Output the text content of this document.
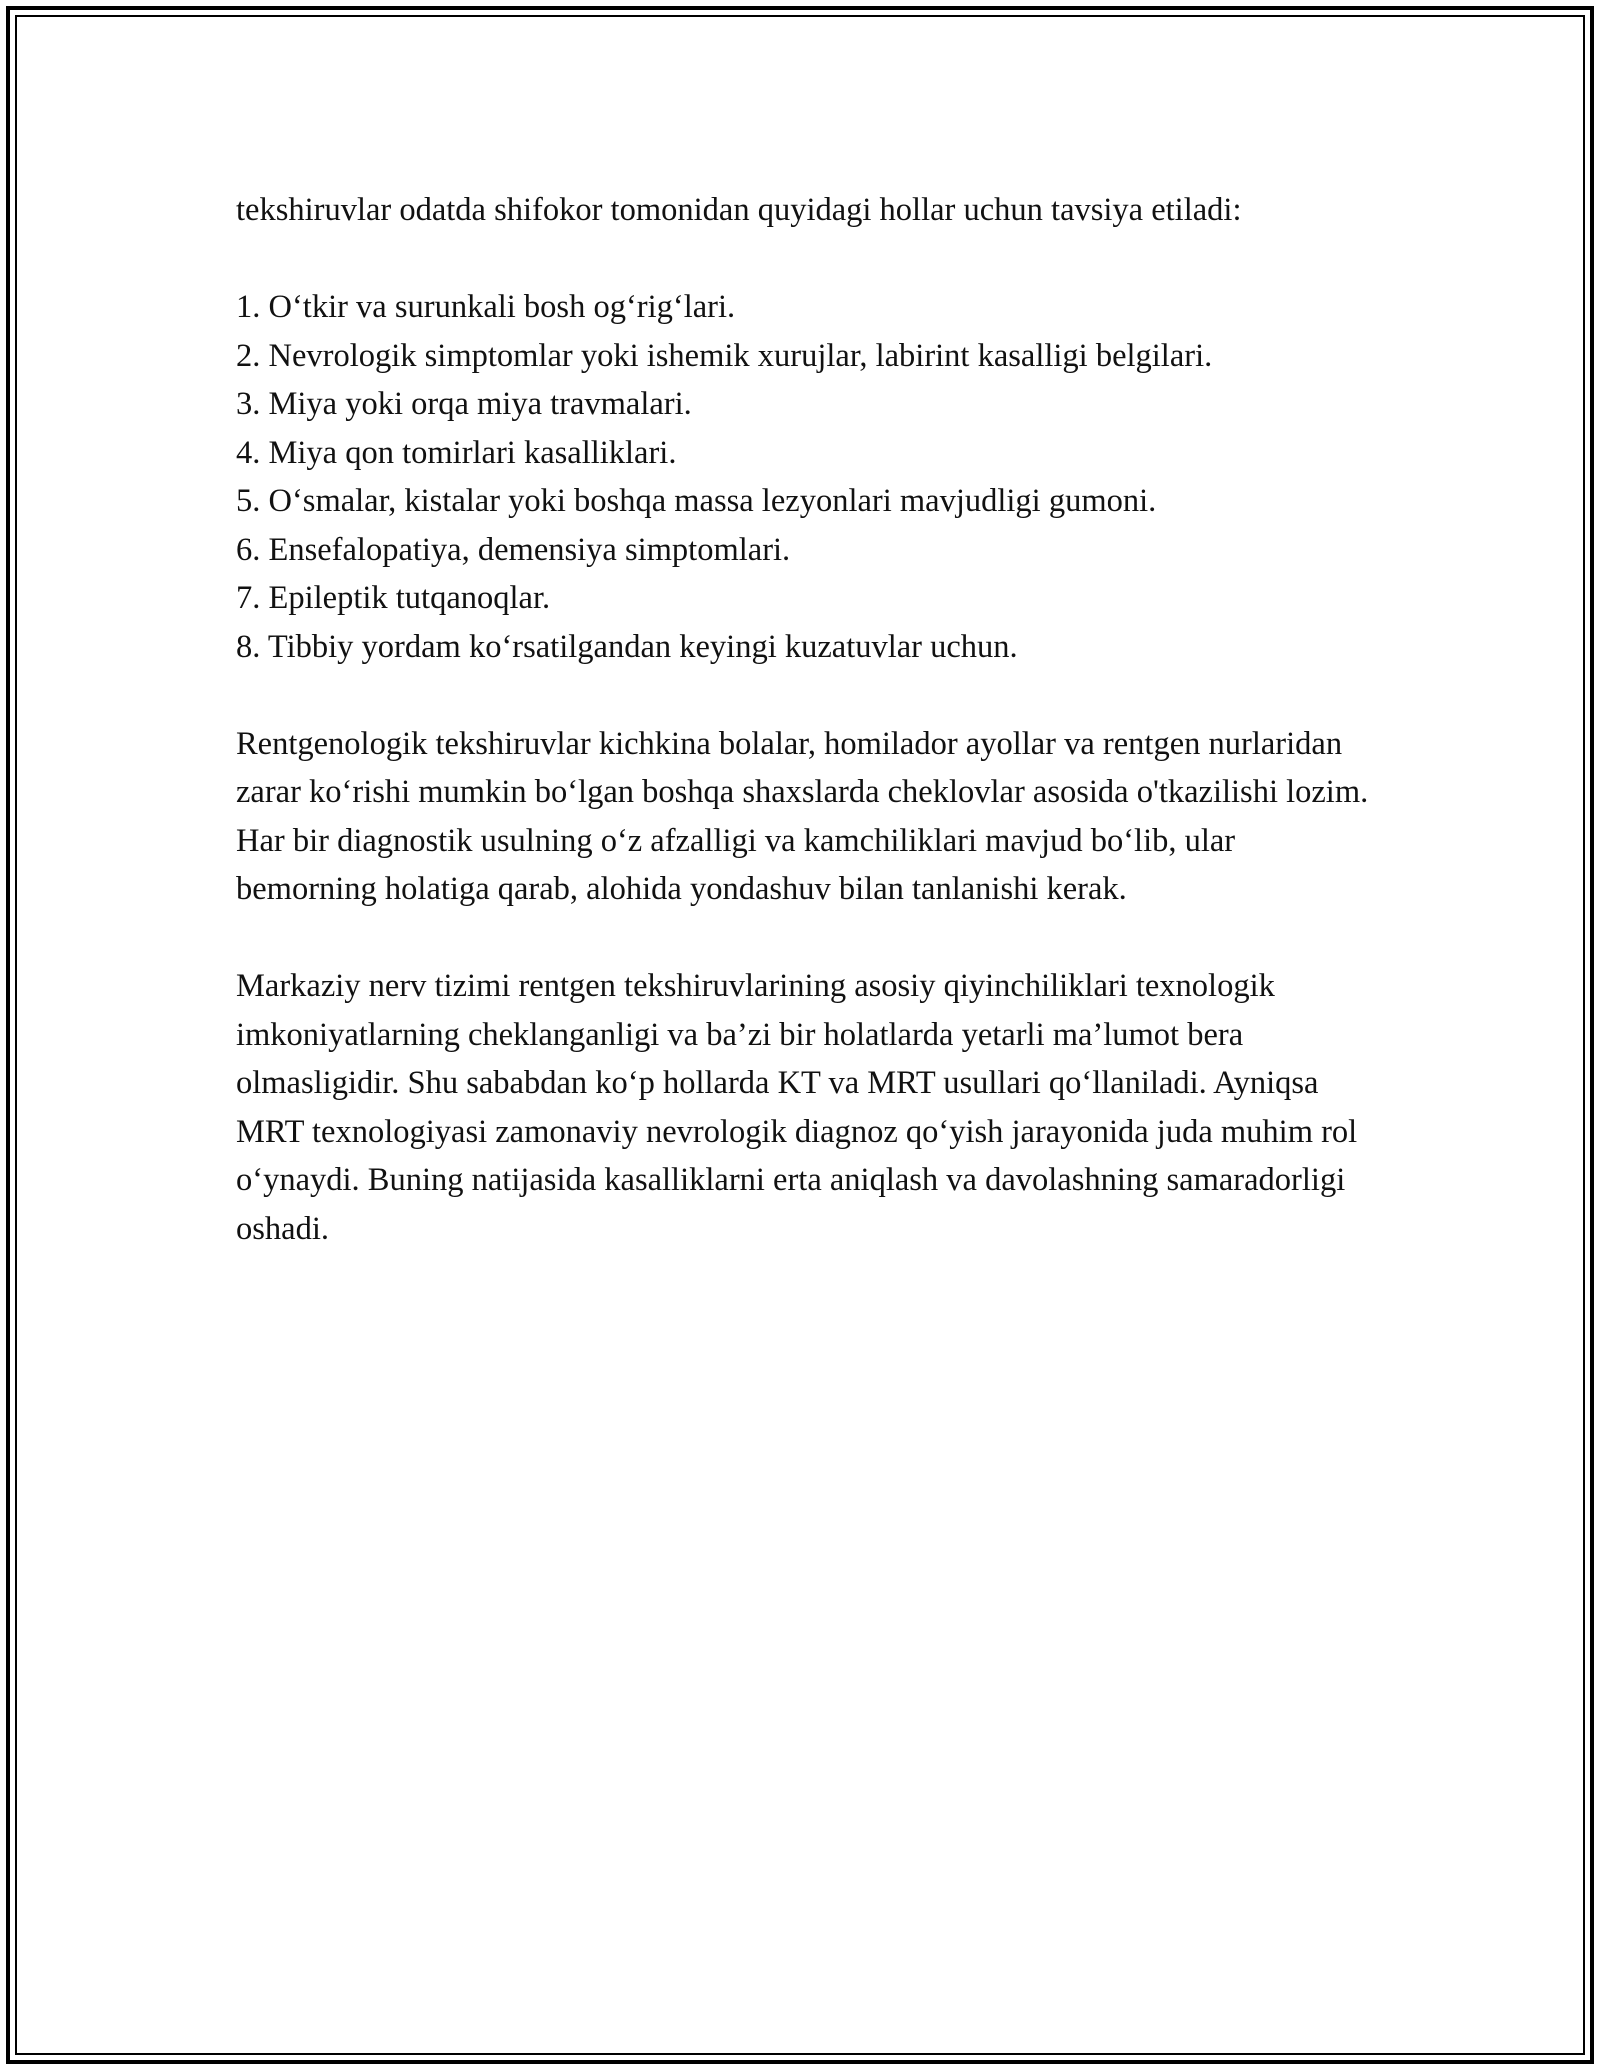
tekshiruvlar odatda shifokor tomonidan quyidagi hollar uchun tavsiya etiladi:

1. O‘tkir va surunkali bosh og‘rig‘lari.
2. Nevrologik simptomlar yoki ishemik xurujlar, labirint kasalligi belgilari.
3. Miya yoki orqa miya travmalari.
4. Miya qon tomirlari kasalliklari.
5. O‘smalar, kistalar yoki boshqa massa lezyonlari mavjudligi gumoni.
6. Ensefalopatiya, demensiya simptomlari.
7. Epileptik tutqanoqlar.
8. Tibbiy yordam ko‘rsatilgandan keyingi kuzatuvlar uchun.

Rentgenologik tekshiruvlar kichkina bolalar, homilador ayollar va rentgen nurlaridan zarar ko‘rishi mumkin bo‘lgan boshqa shaxslarda cheklovlar asosida o'tkazilishi lozim. Har bir diagnostik usulning o‘z afzalligi va kamchiliklari mavjud bo‘lib, ular bemorning holatiga qarab, alohida yondashuv bilan tanlanishi kerak.

Markaziy nerv tizimi rentgen tekshiruvlarining asosiy qiyinchiliklari texnologik imkoniyatlarning cheklanganligi va ba’zi bir holatlarda yetarli ma’lumot bera olmasligidir. Shu sababdan ko‘p hollarda KT va MRT usullari qo‘llaniladi. Ayniqsa MRT texnologiyasi zamonaviy nevrologik diagnoz qo‘yish jarayonida juda muhim rol o‘ynaydi. Buning natijasida kasalliklarni erta aniqlash va davolashning samaradorligi oshadi.
